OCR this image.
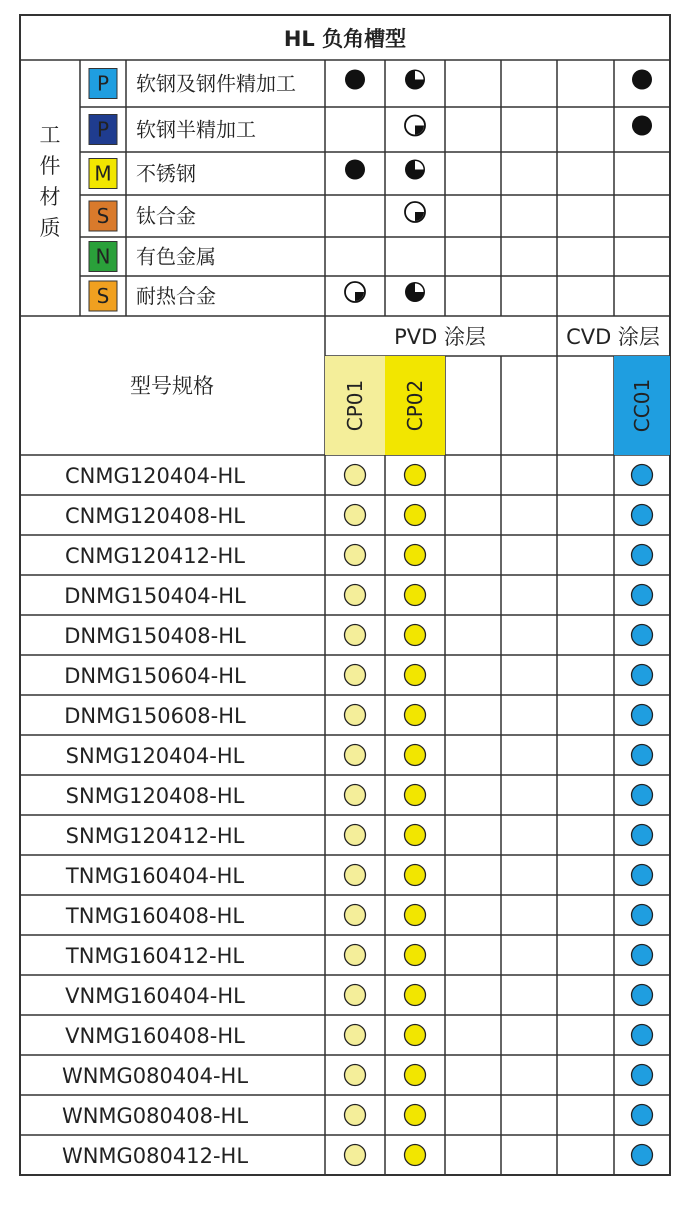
工
件
材
质
P 软钢及钢件精加工
P 软钢半精加工
M 不锈钢
S 钛合金
N 有色金属
S 耐热合金
CP01 CP02	CC01
CNMG120404-HL
CNMG120408-HL
CNMG120412-HL
DNMG150404-HL
DNMG150408-HL
DNMG150604-HL
DNMG150608-HL
SNMG120404-HL
SNMG120408-HL
SNMG120412-HL
TNMG160404-HL
TNMG160408-HL
TNMG160412-HL
VNMG160404-HL
VNMG160408-HL
WNMG080404-HL
WNMG080408-HL
WNMG080412-HL
HL 负角槽型
型号规格
PVD 涂层	CVD 涂层
